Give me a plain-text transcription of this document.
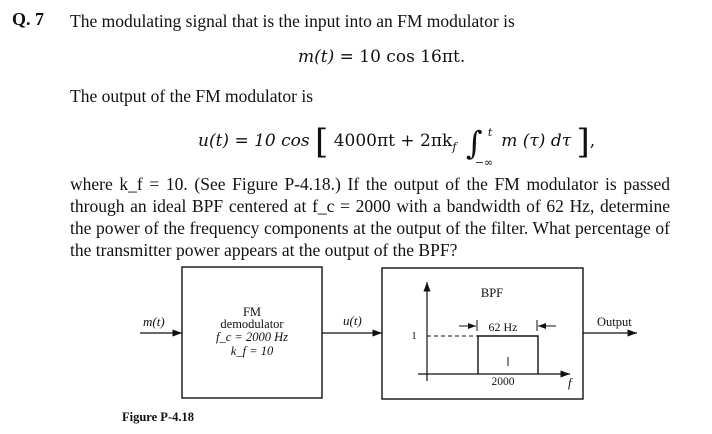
Q. 7 The modulating signal that is the input into an FM modulator is
m(t) = 10 cos 16πt.
The output of the FM modulator is
u(t) = 10 cos [ $4000\pi t + 2\pi k_f$ ∫ t
−∞
m (τ) dτ ],
where k_f = 10. (See Figure P-4.18.) If the output of the FM modulator is passed through an ideal BPF centered at f_c = 2000 with a bandwidth of 62 Hz, determine the power of the frequency components at the output of the filter. What percentage of the transmitter power appears at the output of the BPF?
m(t)
FM
demodulator
f_c = 2000 Hz
k_f = 10
u(t)
BPF
1
62 Hz
2000	f
Output
Figure P-4.18
